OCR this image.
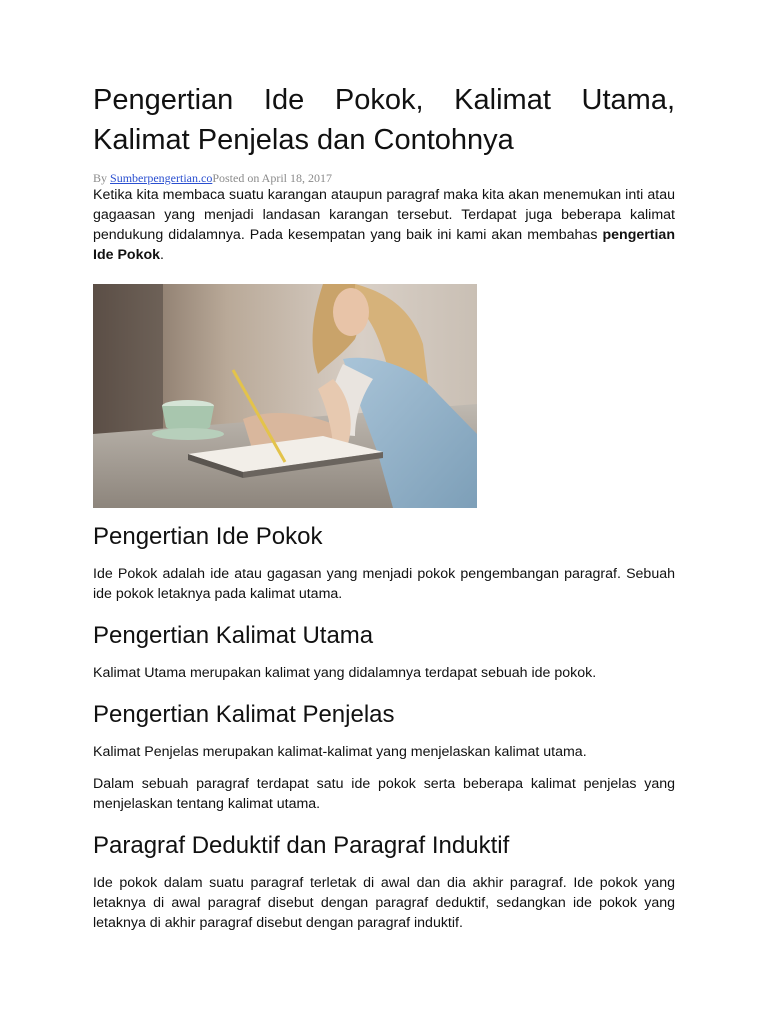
Pengertian Ide Pokok, Kalimat Utama, Kalimat Penjelas dan Contohnya
By Sumberpengertian.coPosted on April 18, 2017

Ketika kita membaca suatu karangan ataupun paragraf maka kita akan menemukan inti atau gagaasan yang menjadi landasan karangan tersebut. Terdapat juga beberapa kalimat pendukung didalamnya. Pada kesempatan yang baik ini kami akan membahas pengertian Ide Pokok.

Pengertian Ide Pokok

Ide Pokok adalah ide atau gagasan yang menjadi pokok pengembangan paragraf. Sebuah ide pokok letaknya pada kalimat utama.

Pengertian Kalimat Utama

Kalimat Utama merupakan kalimat yang didalamnya terdapat sebuah ide pokok.

Pengertian Kalimat Penjelas

Kalimat Penjelas merupakan kalimat-kalimat yang menjelaskan kalimat utama.

Dalam sebuah paragraf terdapat satu ide pokok serta beberapa kalimat penjelas yang menjelaskan tentang kalimat utama.

Paragraf Deduktif dan Paragraf Induktif

Ide pokok dalam suatu paragraf terletak di awal dan dia akhir paragraf. Ide pokok yang letaknya di awal paragraf disebut dengan paragraf deduktif, sedangkan ide pokok yang letaknya di akhir paragraf disebut dengan paragraf induktif.
